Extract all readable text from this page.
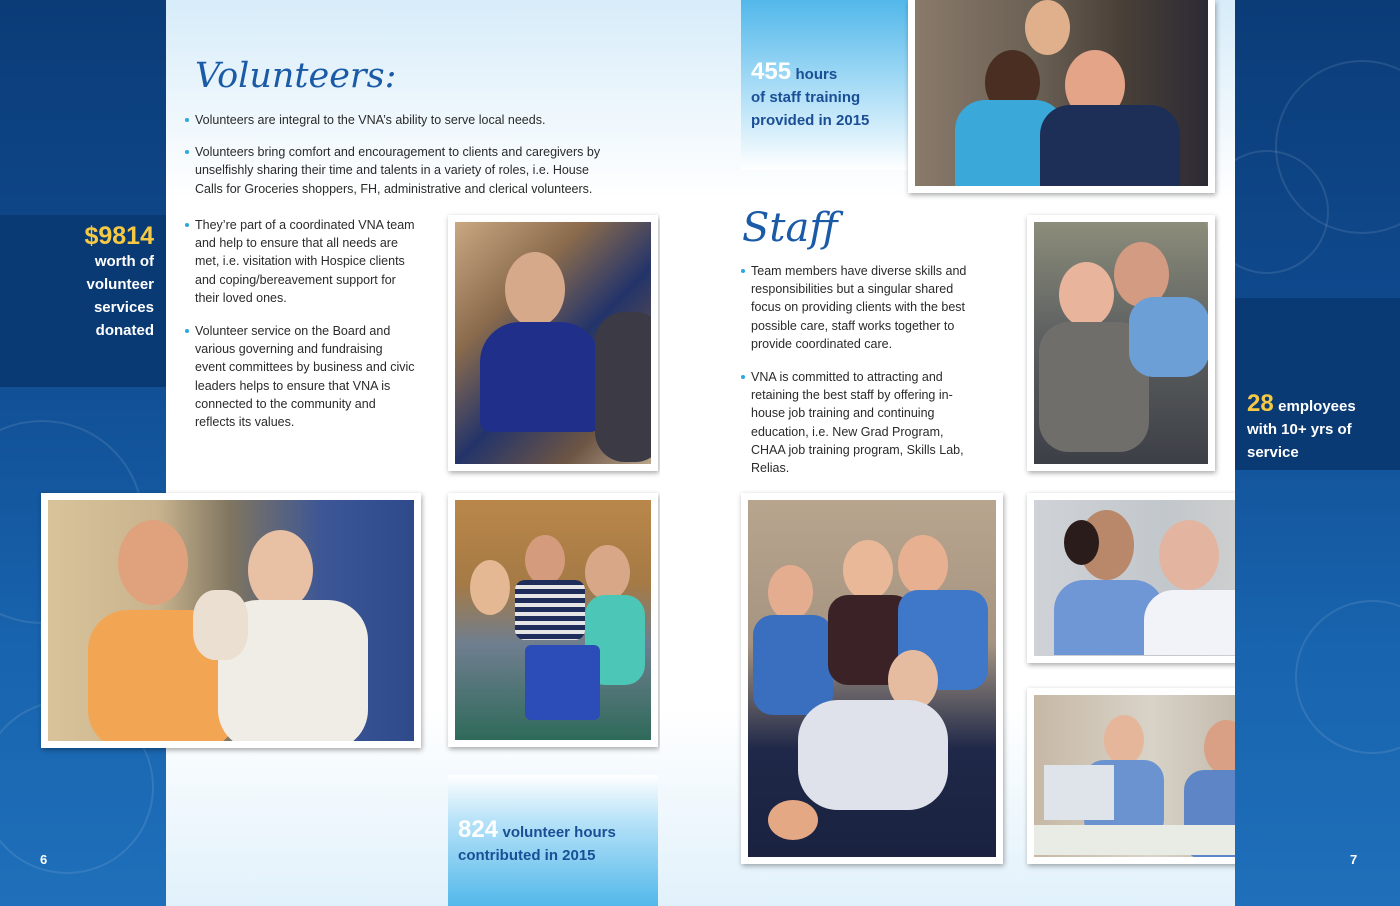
$9814
worth of
volunteer
services
donated
6
Volunteers:
Volunteers are integral to the VNA’s ability to serve local needs.
Volunteers bring comfort and encouragement to clients and caregivers by unselfishly sharing their time and talents in a variety of roles, i.e. House Calls for Groceries shoppers, FH, administrative and clerical volunteers.
They’re part of a coordinated VNA team and help to ensure that all needs are met, i.e. visitation with Hospice clients and coping/bereavement support for their loved ones.
Volunteer service on the Board and various governing and fundraising event committees by business and civic leaders helps to ensure that VNA is connected to the community and reflects its values.
824 volunteer hours
contributed in 2015
455 hours
of staff training
provided in 2015
Staff
Team members have diverse skills and responsibilities but a singular shared focus on providing clients with the best possible care, staff works together to provide coordinated care.
VNA is committed to attracting and retaining the best staff by offering in-house job training and continuing education, i.e. New Grad Program, CHAA job training program, Skills Lab, Relias.
28 employees
with 10+ yrs of
service
7
